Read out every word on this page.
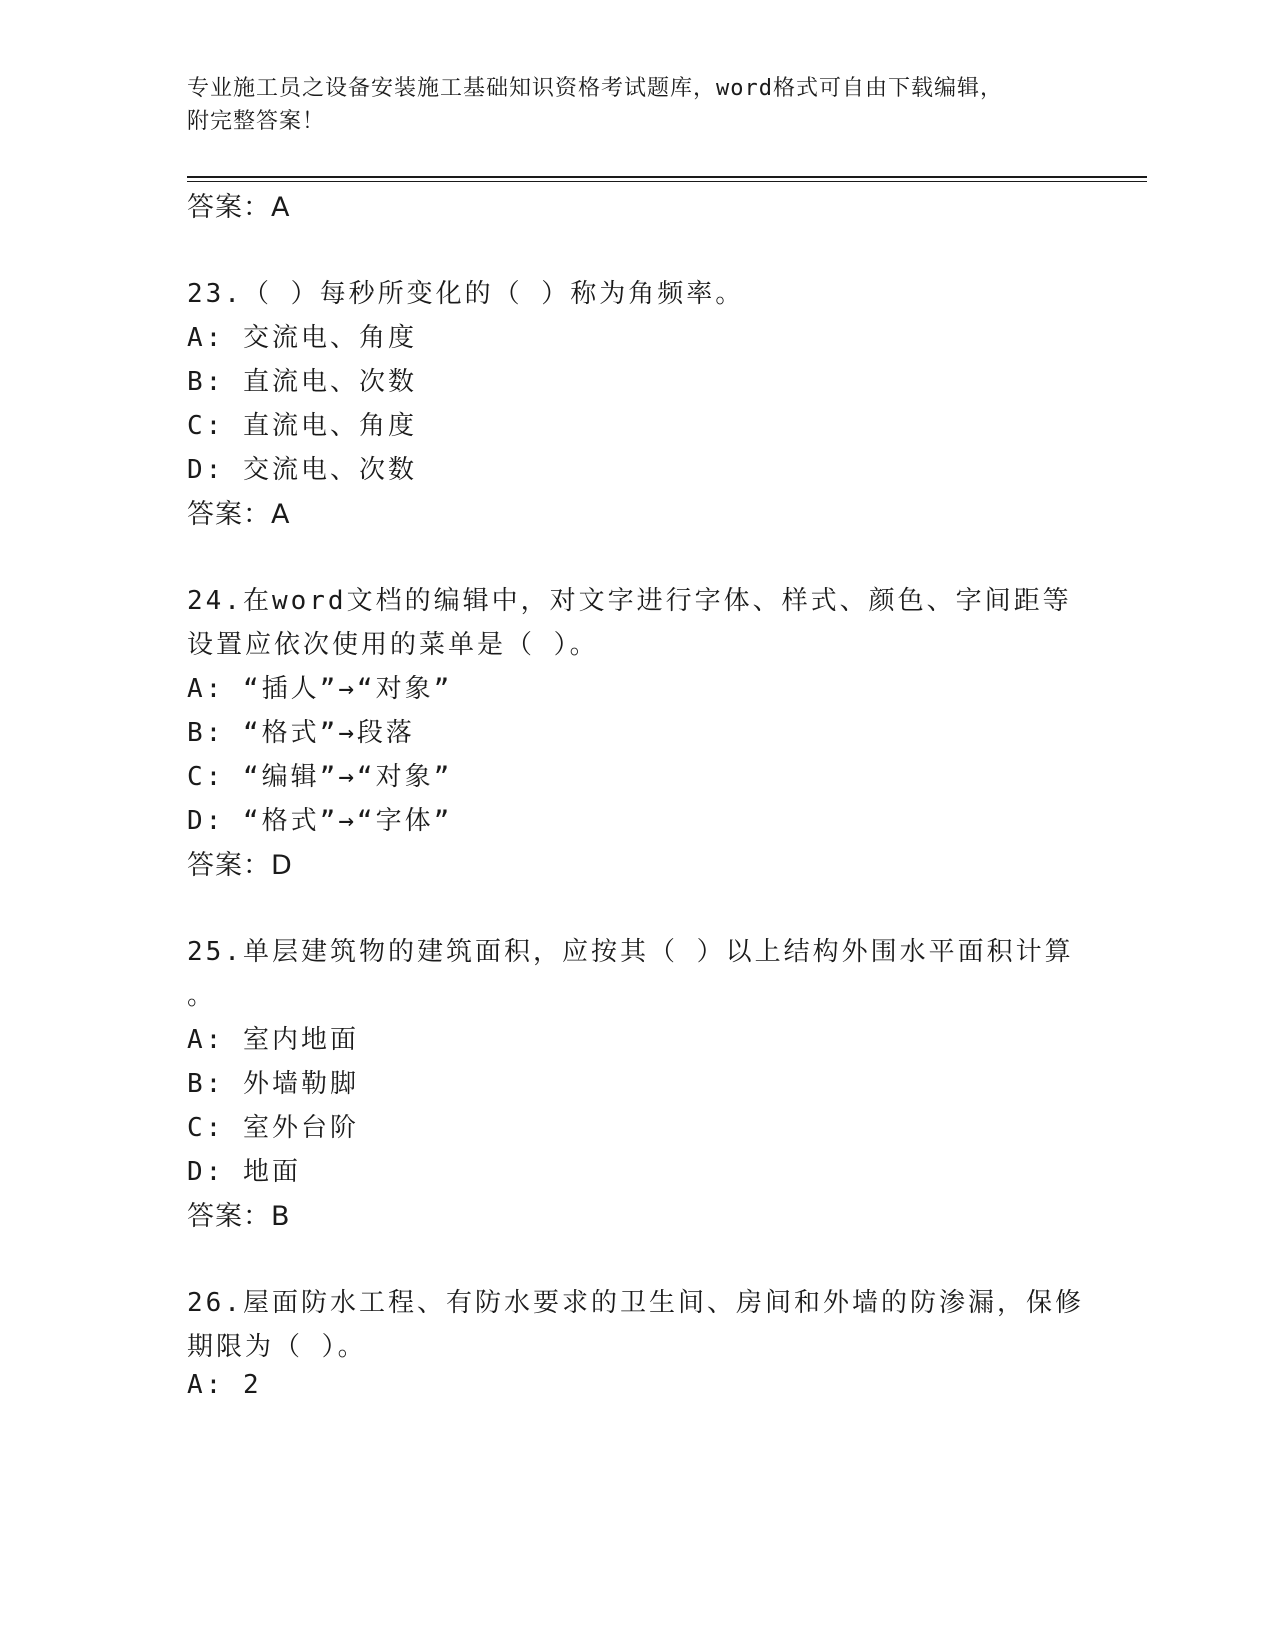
专业施工员之设备安装施工基础知识资格考试题库，word格式可自由下载编辑，
附完整答案！
答案：A
23.（ ）每秒所变化的（ ）称为角频率。
A: 交流电、角度
B: 直流电、次数
C: 直流电、角度
D: 交流电、次数
答案：A
24.在word文档的编辑中，对文字进行字体、样式、颜色、字间距等
设置应依次使用的菜单是（ ）。
A: “插人”→“对象”
B: “格式”→段落
C: “编辑”→“对象”
D: “格式”→“字体”
答案：D
25.单层建筑物的建筑面积，应按其（ ）以上结构外围水平面积计算
。
A: 室内地面
B: 外墙勒脚
C: 室外台阶
D: 地面
答案：B
26.屋面防水工程、有防水要求的卫生间、房间和外墙的防渗漏，保修
期限为（ ）。
A: 2
